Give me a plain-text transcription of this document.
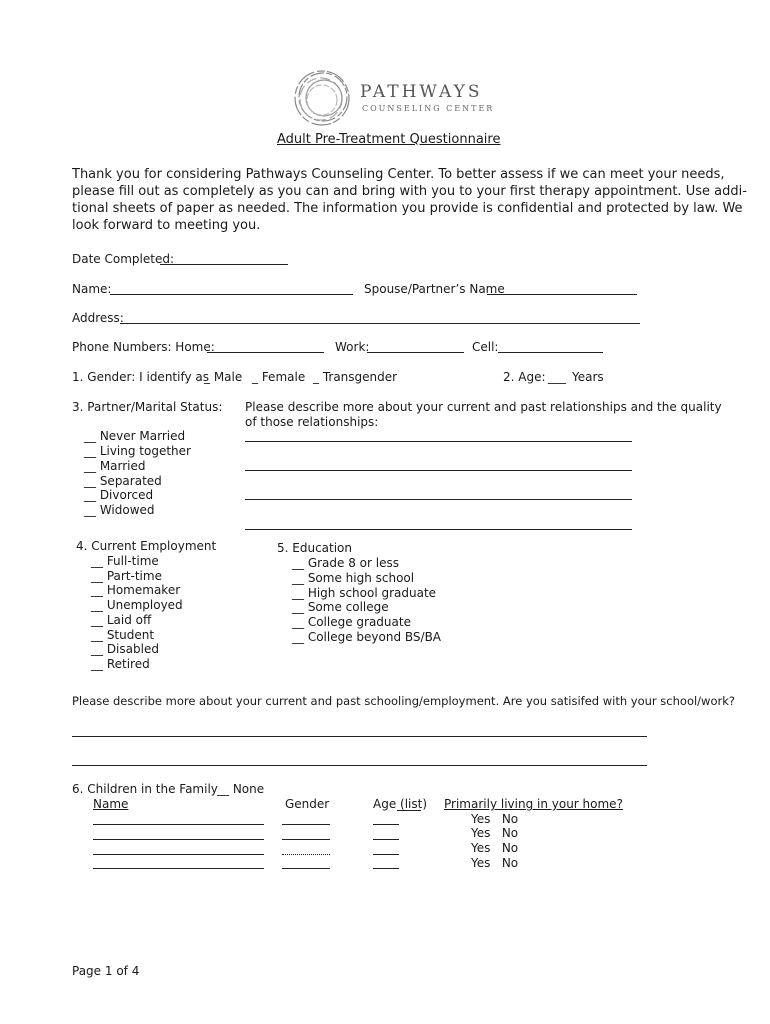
PATHWAYS
COUNSELING CENTER
Adult Pre-Treatment Questionnaire
Thank you for considering Pathways Counseling Center. To better assess if we can meet your needs,
please fill out as completely as you can and bring with you to your first therapy appointment. Use addi-
tional sheets of paper as needed. The information you provide is confidential and protected by law. We
look forward to meeting you.
Date Completed:
Name:	Spouse/Partner’s Name
Address:
Phone Numbers: Home:	Work:	Cell:
1. Gender: I identify as
_ Male _ Female _ Transgender	2. Age: ___ Years
3. Partner/Marital Status:
__ Never Married
__ Living together
__ Married
__ Separated
__ Divorced
__ Widowed
Please describe more about your current and past relationships and the quality
of those relationships:
4. Current Employment
__ Full-time
__ Part-time
__ Homemaker
__ Unemployed
__ Laid off
__ Student
__ Disabled
__ Retired
5. Education
__ Grade 8 or less
__ Some high school
__ High school graduate
__ Some college
__ College graduate
__ College beyond BS/BA
Please describe more about your current and past schooling/employment. Are you satisifed with your school/work?
6. Children in the Family __ None
Name	Gender	Age (list) Primarily living in your home?
Yes   No
Yes   No
Yes   No
Yes   No
Page 1 of 4
